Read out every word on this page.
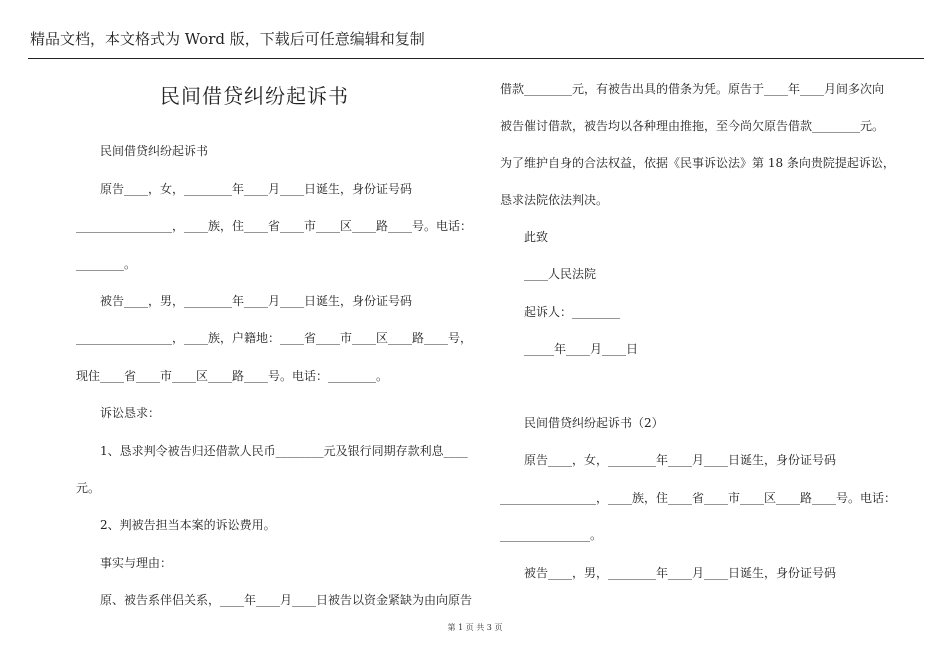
精品文档，本文格式为 Word 版，下载后可任意编辑和复制
民间借贷纠纷起诉书
民间借贷纠纷起诉书
原告____，女，________年____月____日诞生，身份证号码
________________，____族，住____省____市____区____路____号。电话：
________。
被告____，男，________年____月____日诞生，身份证号码
________________，____族，户籍地：____省____市____区____路____号，
现住____省____市____区____路____号。电话：________。
诉讼恳求：
1、恳求判令被告归还借款人民币________元及银行同期存款利息____
元。
2、判被告担当本案的诉讼费用。
事实与理由：
原、被告系伴侣关系，____年____月____日被告以资金紧缺为由向原告
借款________元，有被告出具的借条为凭。原告于____年____月间多次向
被告催讨借款，被告均以各种理由推拖，至今尚欠原告借款________元。
为了维护自身的合法权益，依据《民事诉讼法》第 18 条向贵院提起诉讼，
恳求法院依法判决。
此致
____人民法院
起诉人：________
_____年____月____日
民间借贷纠纷起诉书（2）
原告____，女，________年____月____日诞生，身份证号码
________________，____族，住____省____市____区____路____号。电话：
_______________。
被告____，男，________年____月____日诞生，身份证号码
第 1 页 共 3 页
